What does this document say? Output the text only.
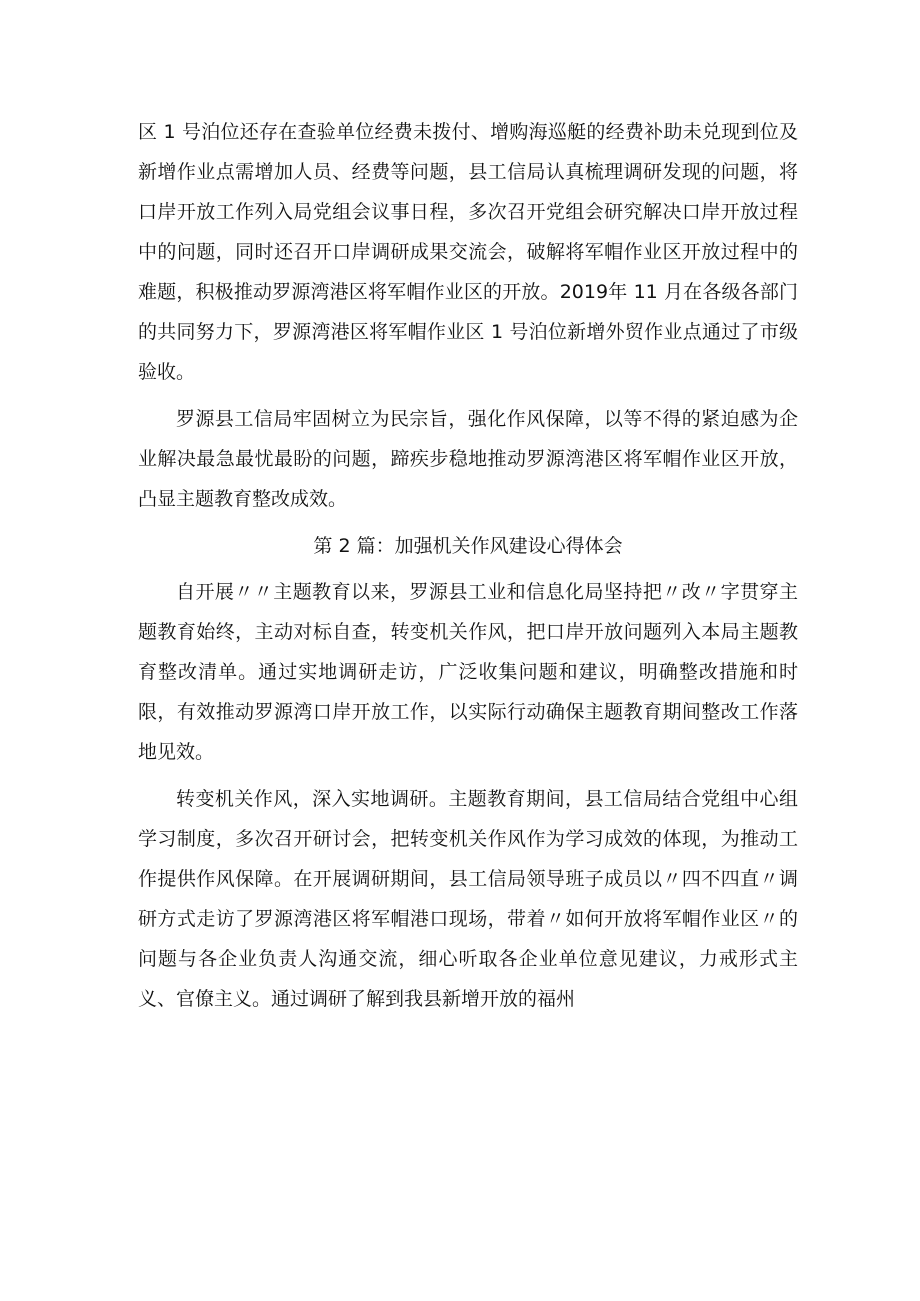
区 1 号泊位还存在查验单位经费未拨付、增购海巡艇的经费补助未兑现到位及新增作业点需增加人员、经费等问题，县工信局认真梳理调研发现的问题，将口岸开放工作列入局党组会议事日程，多次召开党组会研究解决口岸开放过程中的问题，同时还召开口岸调研成果交流会，破解将军帽作业区开放过程中的难题，积极推动罗源湾港区将军帽作业区的开放。2019年 11 月在各级各部门的共同努力下，罗源湾港区将军帽作业区 1 号泊位新增外贸作业点通过了市级验收。

罗源县工信局牢固树立为民宗旨，强化作风保障，以等不得的紧迫感为企业解决最急最忧最盼的问题，蹄疾步稳地推动罗源湾港区将军帽作业区开放，凸显主题教育整改成效。

第 2 篇：加强机关作风建设心得体会

自开展〃〃主题教育以来，罗源县工业和信息化局坚持把〃改〃字贯穿主题教育始终，主动对标自查，转变机关作风，把口岸开放问题列入本局主题教育整改清单。通过实地调研走访，广泛收集问题和建议，明确整改措施和时限，有效推动罗源湾口岸开放工作，以实际行动确保主题教育期间整改工作落地见效。

转变机关作风，深入实地调研。主题教育期间，县工信局结合党组中心组学习制度，多次召开研讨会，把转变机关作风作为学习成效的体现，为推动工作提供作风保障。在开展调研期间，县工信局领导班子成员以〃四不四直〃调研方式走访了罗源湾港区将军帽港口现场，带着〃如何开放将军帽作业区〃的问题与各企业负责人沟通交流，细心听取各企业单位意见建议，力戒形式主义、官僚主义。通过调研了解到我县新增开放的福州
